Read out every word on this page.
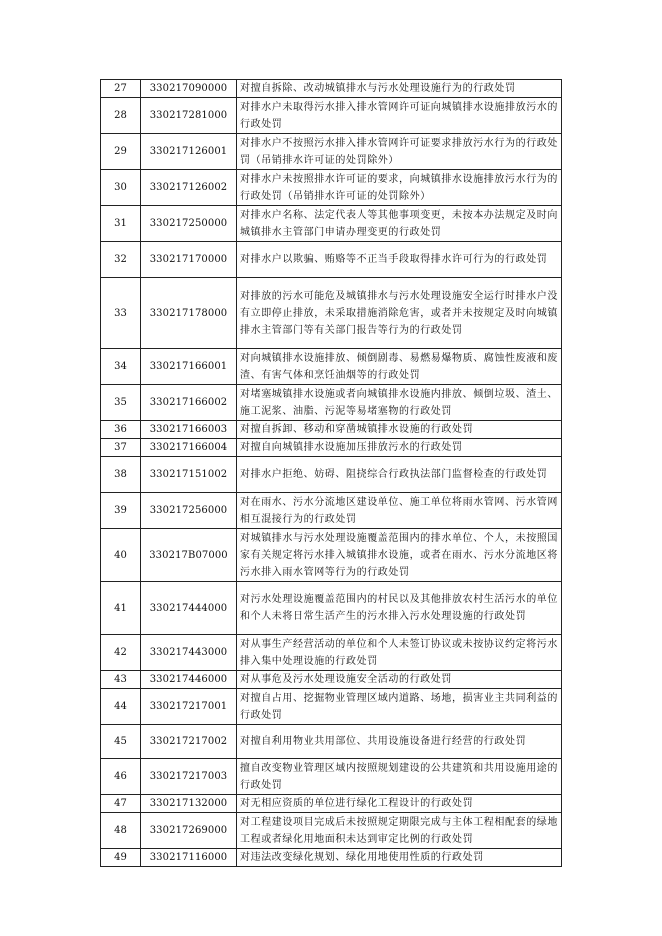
27	330217090000	对擅自拆除、改动城镇排水与污水处理设施行为的行政处罚
28	330217281000	对排水户未取得污水排入排水管网许可证向城镇排水设施排放污水的行政处罚
29	330217126001	对排水户不按照污水排入排水管网许可证要求排放污水行为的行政处罚（吊销排水许可证的处罚除外）
30	330217126002	对排水户未按照排水许可证的要求，向城镇排水设施排放污水行为的行政处罚（吊销排水许可证的处罚除外）
31	330217250000	对排水户名称、法定代表人等其他事项变更，未按本办法规定及时向城镇排水主管部门申请办理变更的行政处罚
32	330217170000	对排水户以欺骗、贿赂等不正当手段取得排水许可行为的行政处罚
33	330217178000	对排放的污水可能危及城镇排水与污水处理设施安全运行时排水户没有立即停止排放，未采取措施消除危害，或者并未按规定及时向城镇排水主管部门等有关部门报告等行为的行政处罚
34	330217166001	对向城镇排水设施排放、倾倒剧毒、易燃易爆物质、腐蚀性废液和废渣、有害气体和烹饪油烟等的行政处罚
35	330217166002	对堵塞城镇排水设施或者向城镇排水设施内排放、倾倒垃圾、渣土、施工泥浆、油脂、污泥等易堵塞物的行政处罚
36	330217166003	对擅自拆卸、移动和穿凿城镇排水设施的行政处罚
37	330217166004	对擅自向城镇排水设施加压排放污水的行政处罚
38	330217151002	对排水户拒绝、妨碍、阻挠综合行政执法部门监督检查的行政处罚
39	330217256000	对在雨水、污水分流地区建设单位、施工单位将雨水管网、污水管网相互混接行为的行政处罚
40	330217B07000	对城镇排水与污水处理设施覆盖范围内的排水单位、个人，未按照国家有关规定将污水排入城镇排水设施，或者在雨水、污水分流地区将污水排入雨水管网等行为的行政处罚
41	330217444000	对污水处理设施覆盖范围内的村民以及其他排放农村生活污水的单位和个人未将日常生活产生的污水排入污水处理设施的行政处罚
42	330217443000	对从事生产经营活动的单位和个人未签订协议或未按协议约定将污水排入集中处理设施的行政处罚
43	330217446000	对从事危及污水处理设施安全活动的行政处罚
44	330217217001	对擅自占用、挖掘物业管理区域内道路、场地，损害业主共同利益的行政处罚
45	330217217002	对擅自利用物业共用部位、共用设施设备进行经营的行政处罚
46	330217217003	擅自改变物业管理区域内按照规划建设的公共建筑和共用设施用途的行政处罚
47	330217132000	对无相应资质的单位进行绿化工程设计的行政处罚
48	330217269000	对工程建设项目完成后未按照规定期限完成与主体工程相配套的绿地工程或者绿化用地面积未达到审定比例的行政处罚
49	330217116000	对违法改变绿化规划、绿化用地使用性质的行政处罚
